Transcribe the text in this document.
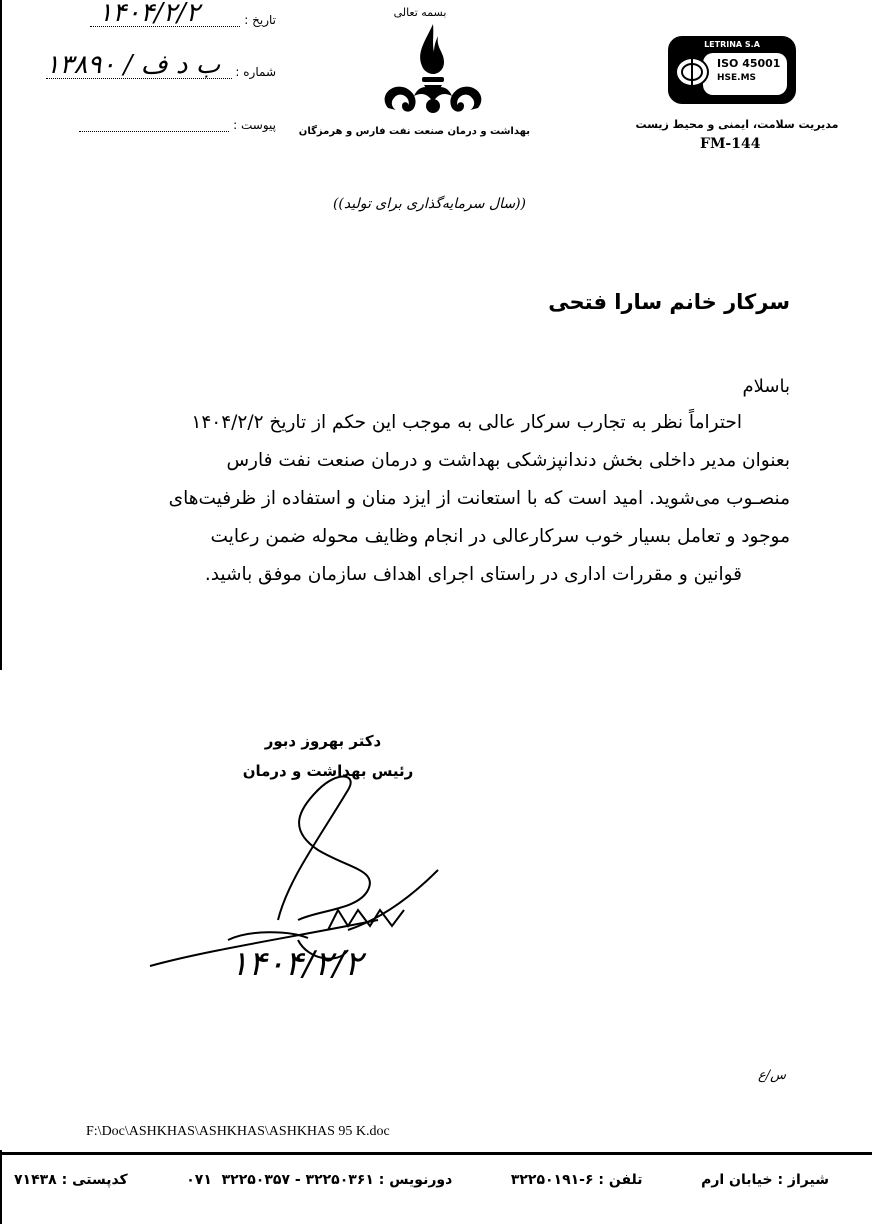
تاریخ :
۱۴۰۴/۲/۲
شماره :
ب د ف / ۱۳۸۹۰
پیوست :
بسمه تعالی
بهداشت و درمان صنعت نفت فارس و هرمزگان
LETRINA S.A
ISO 45001
HSE.MS
مدیریت سلامت، ایمنی و محیط زیست
FM-144
((سال سرمایه‌گذاری برای تولید))
سرکار خانم سارا فتحی
باسلام

احتراماً نظر به تجارب سرکار عالی به موجب این حکم از تاریخ ۱۴۰۴/۲/۲

بعنوان مدیر داخلی بخش دندانپزشکی بهداشت و درمان صنعت نفت فارس

منصـوب می‌شوید. امید است که با استعانت از ایزد منان و استفاده از ظرفیت‌های

موجود و تعامل بسیار خوب سرکارعالی در انجام وظایف محوله ضمن رعایت

قوانین و مقررات اداری در راستای اجرای اهداف سازمان موفق باشید.

دکتر بهروز دبور
رئیس بهداشت و درمان
۱۴۰۴/۲/۲
س/ع
F:\Doc\ASHKHAS\ASHKHAS\ASHKHAS 95 K.doc
شیراز : خیابان ارم
تلفن : ۶-۳۲۲۵۰۱۹۱
دورنویس : ۳۲۲۵۰۳۶۱ - ۳۲۲۵۰۳۵۷  ۰۷۱
کدپستی : ۷۱۴۳۸
